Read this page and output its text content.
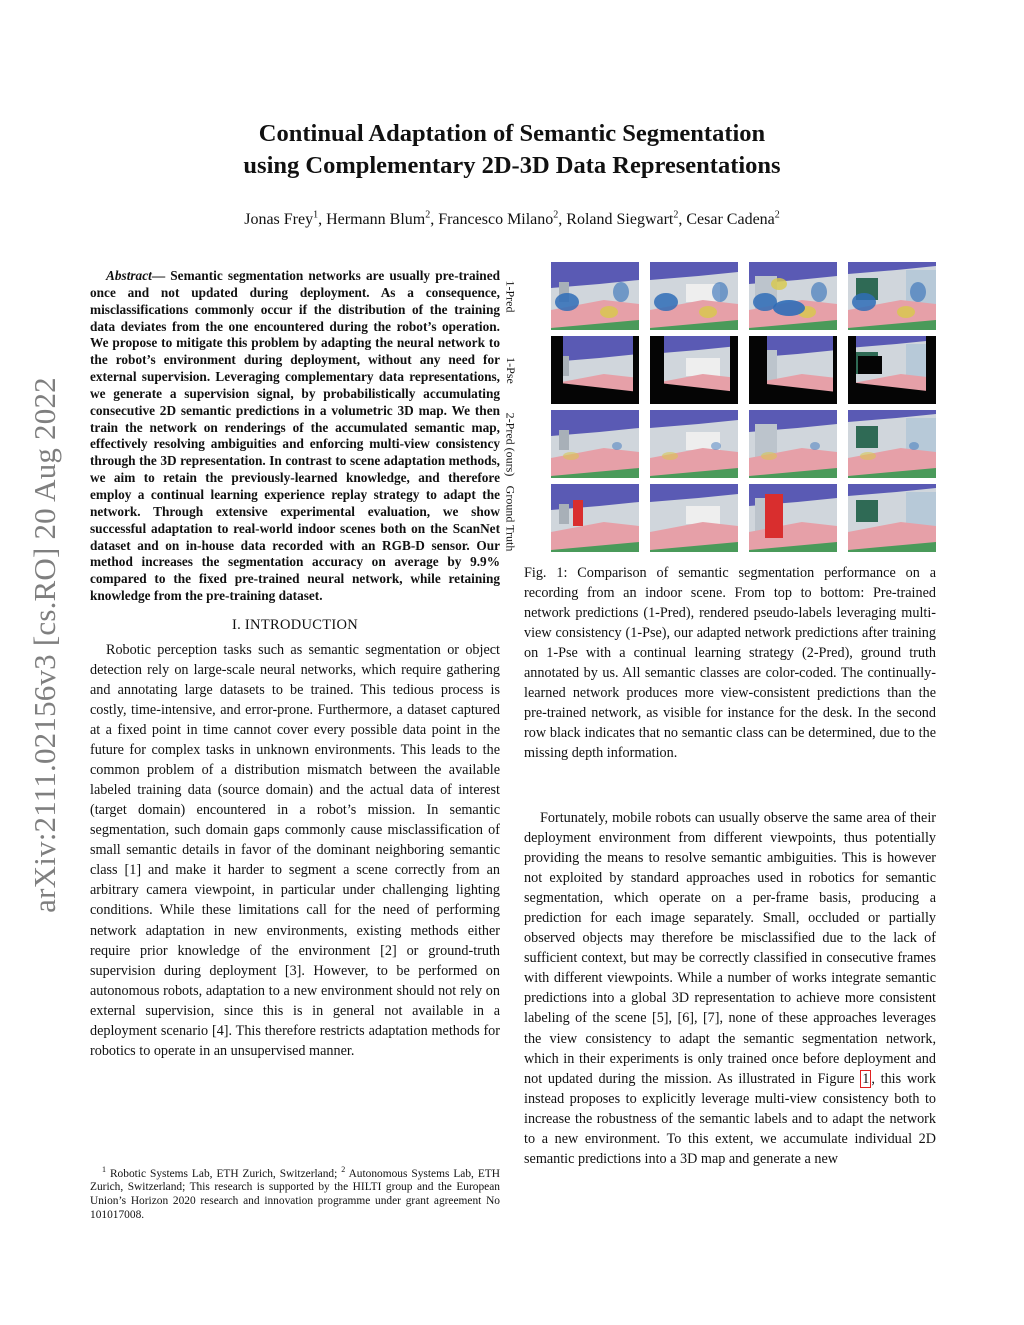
arXiv:2111.02156v3 [cs.RO] 20 Aug 2022
Continual Adaptation of Semantic Segmentation
using Complementary 2D-3D Data Representations
Jonas Frey$^1$, Hermann Blum$^2$, Francesco Milano$^2$, Roland Siegwart$^2$, Cesar Cadena$^2$

Abstract— Semantic segmentation networks are usually pre-trained once and not updated during deployment. As a consequence, misclassifications commonly occur if the distribution of the training data deviates from the one encountered during the robot’s operation. We propose to mitigate this problem by adapting the neural network to the robot’s environment during deployment, without any need for external supervision. Leveraging complementary data representations, we generate a supervision signal, by probabilistically accumulating consecutive 2D semantic predictions in a volumetric 3D map. We then train the network on renderings of the accumulated semantic map, effectively resolving ambiguities and enforcing multi-view consistency through the 3D representation. In contrast to scene adaptation methods, we aim to retain the previously-learned knowledge, and therefore employ a continual learning experience replay strategy to adapt the network. Through extensive experimental evaluation, we show successful adaptation to real-world indoor scenes both on the ScanNet dataset and on in-house data recorded with an RGB-D sensor. Our method increases the segmentation accuracy on average by 9.9% compared to the fixed pre-trained neural network, while retaining knowledge from the pre-training dataset.

I. INTRODUCTION

Robotic perception tasks such as semantic segmentation or object detection rely on large-scale neural networks, which require gathering and annotating large datasets to be trained. This tedious process is costly, time-intensive, and error-prone. Furthermore, a dataset captured at a fixed point in time cannot cover every possible data point in the future for complex tasks in unknown environments. This leads to the common problem of a distribution mismatch between the available labeled training data (source domain) and the actual data of interest (target domain) encountered in a robot’s mission. In semantic segmentation, such domain gaps commonly cause misclassification of small semantic details in favor of the dominant neighboring semantic class [1] and make it harder to segment a scene correctly from an arbitrary camera viewpoint, in particular under challenging lighting conditions. While these limitations call for the need of performing network adaptation in new environments, existing methods either require prior knowledge of the environment [2] or ground-truth supervision during deployment [3]. However, to be performed on autonomous robots, adaptation to a new environment should not rely on external supervision, since this is in general not available in a deployment scenario [4]. This therefore restricts adaptation methods for robotics to operate in an unsupervised manner.

$^1$ Robotic Systems Lab, ETH Zurich, Switzerland; $^2$ Autonomous Systems Lab, ETH Zurich, Switzerland; This research is supported by the HILTI group and the European Union’s Horizon 2020 research and innovation programme under grant agreement No 101017008.
1-Pred
1-Pse
2-Pred (ours)
Ground Truth

Fig. 1: Comparison of semantic segmentation performance on a recording from an indoor scene. From top to bottom: Pre-trained network predictions (1-Pred), rendered pseudo-labels leveraging multi-view consistency (1-Pse), our adapted network predictions after training on 1-Pse with a continual learning strategy (2-Pred), ground truth annotated by us. All semantic classes are color-coded. The continually-learned network produces more view-consistent predictions than the pre-trained network, as visible for instance for the desk. In the second row black indicates that no semantic class can be determined, due to the missing depth information.

Fortunately, mobile robots can usually observe the same area of their deployment environment from different viewpoints, thus potentially providing the means to resolve semantic ambiguities. This is however not exploited by standard approaches used in robotics for semantic segmentation, which operate on a per-frame basis, producing a prediction for each image separately. Small, occluded or partially observed objects may therefore be misclassified due to the lack of sufficient context, but may be correctly classified in consecutive frames with different viewpoints. While a number of works integrate semantic predictions into a global 3D representation to achieve more consistent labeling of the scene [5], [6], [7], none of these approaches leverages the view consistency to adapt the semantic segmentation network, which in their experiments is only trained once before deployment and not updated during the mission. As illustrated in Figure 1 , this work instead proposes to explicitly leverage multi-view consistency both to increase the robustness of the semantic labels and to adapt the network to a new environment. To this extent, we accumulate individual 2D semantic predictions into a 3D map and generate a new
